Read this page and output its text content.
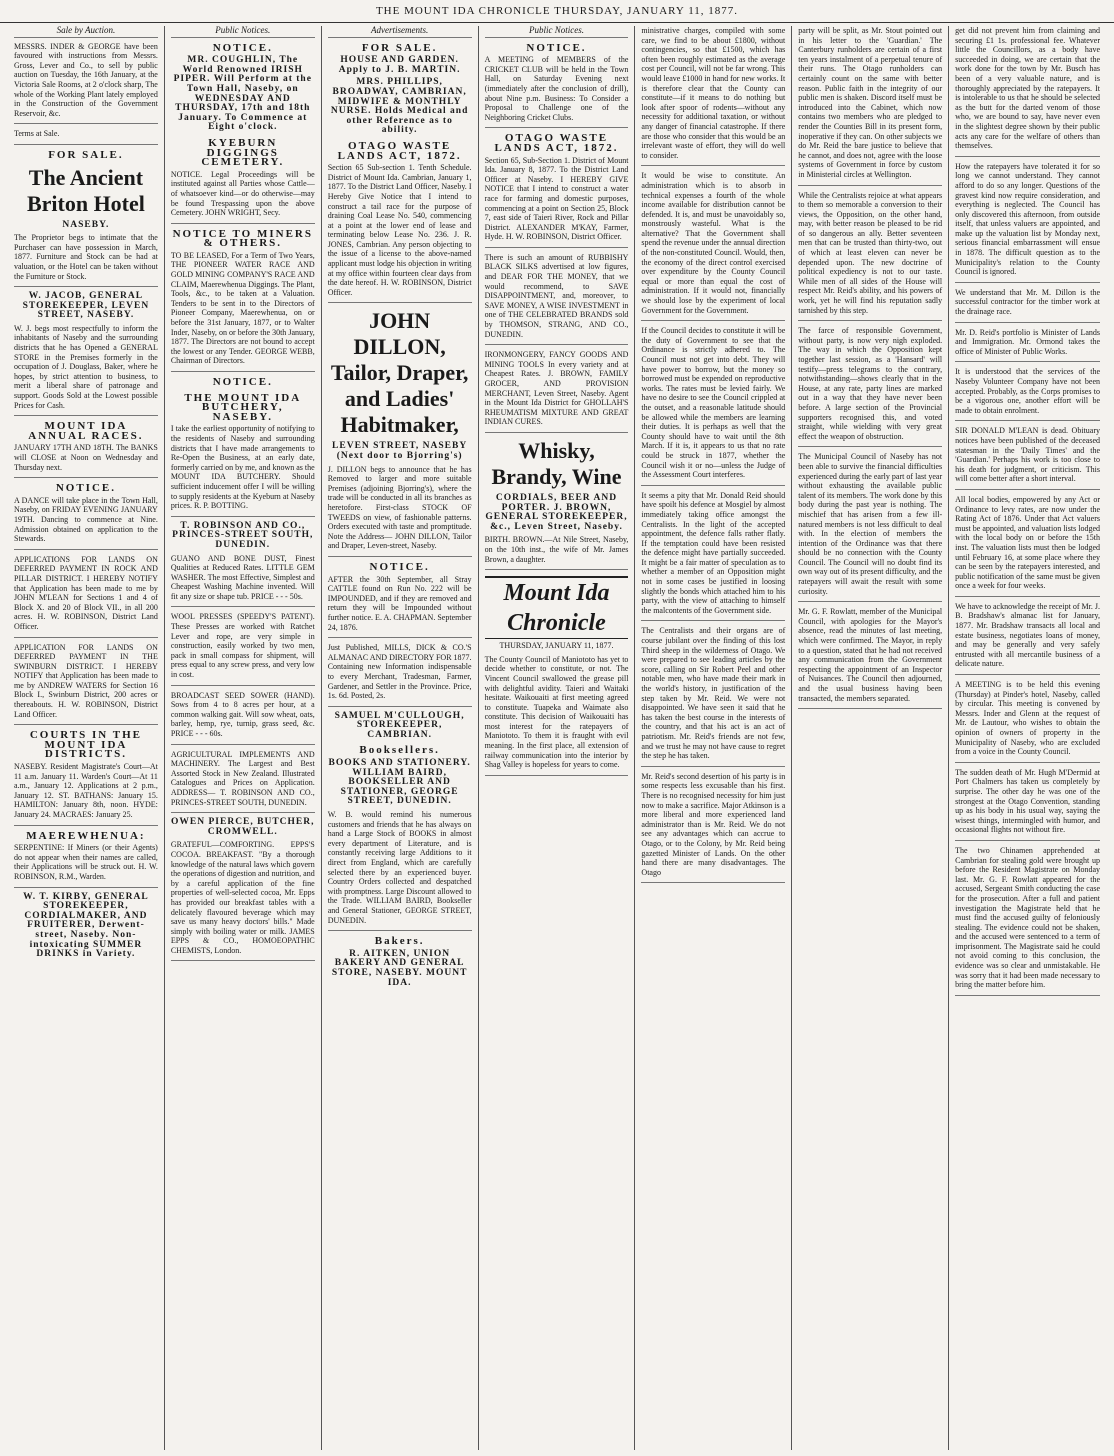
THE MOUNT IDA CHRONICLE THURSDAY, JANUARY 11, 1877.
Sale by Auction.

MESSRS. INDER & GEORGE have been favoured with instructions from Messrs. Gross, Lever and Co., to sell by public auction on Tuesday, the 16th January, at the Victoria Sale Rooms, at 2 o'clock sharp, The whole of the Working Plant lately employed in the Construction of the Government Reservoir, &c.

Terms at Sale.

FOR SALE.
The Ancient Briton Hotel
NASEBY.

The Proprietor begs to intimate that the Purchaser can have possession in March, 1877. Furniture and Stock can be had at valuation, or the Hotel can be taken without the Furniture or Stock.

W. JACOB, GENERAL STOREKEEPER, LEVEN STREET, NASEBY.

W. J. begs most respectfully to inform the inhabitants of Naseby and the surrounding districts that he has Opened a GENERAL STORE in the Premises formerly in the occupation of J. Douglass, Baker, where he hopes, by strict attention to business, to merit a liberal share of patronage and support. Goods Sold at the Lowest possible Prices for Cash.

MOUNT IDA ANNUAL RACES.

JANUARY 17TH AND 18TH. The BANKS will CLOSE at Noon on Wednesday and Thursday next.

NOTICE.

A DANCE will take place in the Town Hall, Naseby, on FRIDAY EVENING JANUARY 19TH. Dancing to commence at Nine. Admission obtained on application to the Stewards.

APPLICATIONS FOR LANDS ON DEFERRED PAYMENT IN ROCK AND PILLAR DISTRICT. I HEREBY NOTIFY that Application has been made to me by JOHN M'LEAN for Sections 1 and 4 of Block X. and 20 of Block VII., in all 200 acres. H. W. ROBINSON, District Land Officer.

APPLICATION FOR LANDS ON DEFERRED PAYMENT IN THE SWINBURN DISTRICT. I HEREBY NOTIFY that Application has been made to me by ANDREW WATERS for Section 16 Block I., Swinburn District, 200 acres or thereabouts. H. W. ROBINSON, District Land Officer.

COURTS IN THE MOUNT IDA DISTRICTS.

NASEBY. Resident Magistrate's Court—At 11 a.m. January 11. Warden's Court—At 11 a.m., January 12. Applications at 2 p.m., January 12. ST. BATHANS: January 15. HAMILTON: January 8th, noon. HYDE: January 24. MACRAES: January 25.

MAEREWHENUA:

SERPENTINE: If Miners (or their Agents) do not appear when their names are called, their Applications will be struck out. H. W. ROBINSON, R.M., Warden.

W. T. KIRBY, GENERAL STOREKEEPER, CORDIALMAKER, AND FRUITERER, Derwent-street, Naseby. Non-intoxicating SUMMER DRINKS in Variety.
Public Notices.
NOTICE.
MR. COUGHLIN, The World Renowned IRISH PIPER. Will Perform at the Town Hall, Naseby, on WEDNESDAY AND THURSDAY, 17th and 18th January. To Commence at Eight o'clock.
KYEBURN DIGGINGS CEMETERY.

NOTICE. Legal Proceedings will be instituted against all Parties whose Cattle—of whatsoever kind—or do otherwise—may be found Trespassing upon the above Cemetery. JOHN WRIGHT, Secy.

NOTICE TO MINERS & OTHERS.

TO BE LEASED, For a Term of Two Years, THE PIONEER WATER RACE AND GOLD MINING COMPANY'S RACE AND CLAIM, Maerewhenua Diggings. The Plant, Tools, &c., to be taken at a Valuation. Tenders to be sent in to the Directors of Pioneer Company, Maerewhenua, on or before the 31st January, 1877, or to Walter Inder, Naseby, on or before the 30th January, 1877. The Directors are not bound to accept the lowest or any Tender. GEORGE WEBB, Chairman of Directors.

NOTICE.
THE MOUNT IDA BUTCHERY, NASEBY.

I take the earliest opportunity of notifying to the residents of Naseby and surrounding districts that I have made arrangements to Re-Open the Business, at an early date, formerly carried on by me, and known as the MOUNT IDA BUTCHERY. Should sufficient inducement offer I will be willing to supply residents at the Kyeburn at Naseby prices. R. P. BOTTING.

T. ROBINSON AND CO., PRINCES-STREET SOUTH, DUNEDIN.

GUANO AND BONE DUST, Finest Qualities at Reduced Rates. LITTLE GEM WASHER. The most Effective, Simplest and Cheapest Washing Machine invented. Will fit any size or shape tub. PRICE - - - 50s.

WOOL PRESSES (SPEEDY'S PATENT). These Presses are worked with Ratchet Lever and rope, are very simple in construction, easily worked by two men, pack in small compass for shipment, will press equal to any screw press, and very low in cost.

BROADCAST SEED SOWER (HAND). Sows from 4 to 8 acres per hour, at a common walking gait. Will sow wheat, oats, barley, hemp, rye, turnip, grass seed, &c. PRICE - - - 60s.

AGRICULTURAL IMPLEMENTS AND MACHINERY. The Largest and Best Assorted Stock in New Zealand. Illustrated Catalogues and Prices on Application. ADDRESS— T. ROBINSON AND CO., PRINCES-STREET SOUTH, DUNEDIN.

OWEN PIERCE, BUTCHER, CROMWELL.

GRATEFUL—COMFORTING. EPPS'S COCOA. BREAKFAST. "By a thorough knowledge of the natural laws which govern the operations of digestion and nutrition, and by a careful application of the fine properties of well-selected cocoa, Mr. Epps has provided our breakfast tables with a delicately flavoured beverage which may save us many heavy doctors' bills." Made simply with boiling water or milk. JAMES EPPS & CO., HOMOEOPATHIC CHEMISTS, London.

Advertisements.
FOR SALE.
HOUSE AND GARDEN. Apply to J. B. MARTIN.
MRS. PHILLIPS, BROADWAY, CAMBRIAN, MIDWIFE & MONTHLY NURSE. Holds Medical and other Reference as to ability.
OTAGO WASTE LANDS ACT, 1872.

Section 65 Sub-section 1. Tenth Schedule. District of Mount Ida. Cambrian, January 1, 1877. To the District Land Officer, Naseby. I Hereby Give Notice that I intend to construct a tail race for the purpose of draining Coal Lease No. 540, commencing at a point at the lower end of lease and terminating below Lease No. 236. J. R. JONES, Cambrian. Any person objecting to the issue of a license to the above-named applicant must lodge his objection in writing at my office within fourteen clear days from the date hereof. H. W. ROBINSON, District Officer.

JOHN DILLON, Tailor, Draper, and Ladies' Habitmaker,
LEVEN STREET, NASEBY (Next door to Bjorring's)

J. DILLON begs to announce that he has Removed to larger and more suitable Premises (adjoining Bjorring's), where the trade will be conducted in all its branches as heretofore. First-class STOCK OF TWEEDS on view, of fashionable patterns. Orders executed with taste and promptitude. Note the Address— JOHN DILLON, Tailor and Draper, Leven-street, Naseby.

NOTICE.

AFTER the 30th September, all Stray CATTLE found on Run No. 222 will be IMPOUNDED, and if they are removed and return they will be Impounded without further notice. E. A. CHAPMAN. September 24, 1876.

Just Published, MILLS, DICK & CO.'S ALMANAC AND DIRECTORY FOR 1877. Containing new Information indispensable to every Merchant, Tradesman, Farmer, Gardener, and Settler in the Province. Price, 1s. 6d. Posted, 2s.

SAMUEL M'CULLOUGH, STOREKEEPER, CAMBRIAN.
Booksellers.
BOOKS AND STATIONERY. WILLIAM BAIRD, BOOKSELLER AND STATIONER, GEORGE STREET, DUNEDIN.

W. B. would remind his numerous customers and friends that he has always on hand a Large Stock of BOOKS in almost every department of Literature, and is constantly receiving large Additions to it direct from England, which are carefully selected there by an experienced buyer. Country Orders collected and despatched with promptness. Large Discount allowed to the Trade. WILLIAM BAIRD, Bookseller and General Stationer, GEORGE STREET, DUNEDIN.

Bakers.
R. AITKEN, UNION BAKERY AND GENERAL STORE, NASEBY. MOUNT IDA.
Public Notices.
NOTICE.

A MEETING of MEMBERS of the CRICKET CLUB will be held in the Town Hall, on Saturday Evening next (immediately after the conclusion of drill), about Nine p.m. Business: To Consider a Proposal to Challenge one of the Neighboring Cricket Clubs.

OTAGO WASTE LANDS ACT, 1872.

Section 65, Sub-Section 1. District of Mount Ida. January 8, 1877. To the District Land Officer at Naseby. I HEREBY GIVE NOTICE that I intend to construct a water race for farming and domestic purposes, commencing at a point on Section 25, Block 7, east side of Taieri River, Rock and Pillar District. ALEXANDER M'KAY, Farmer, Hyde. H. W. ROBINSON, District Officer.

There is such an amount of RUBBISHY BLACK SILKS advertised at low figures, and DEAR FOR THE MONEY, that we would recommend, to SAVE DISAPPOINTMENT, and, moreover, to SAVE MONEY, A WISE INVESTMENT in one of THE CELEBRATED BRANDS sold by THOMSON, STRANG, AND CO., DUNEDIN.

IRONMONGERY, FANCY GOODS AND MINING TOOLS In every variety and at Cheapest Rates. J. BROWN, FAMILY GROCER, AND PROVISION MERCHANT, Leven Street, Naseby. Agent in the Mount Ida District for GHOLLAH'S RHEUMATISM MIXTURE AND GREAT INDIAN CURES.

Whisky, Brandy, Wine
CORDIALS, BEER AND PORTER. J. BROWN, GENERAL STOREKEEPER, &c., Leven Street, Naseby.

BIRTH. BROWN.—At Nile Street, Naseby, on the 10th inst., the wife of Mr. James Brown, a daughter.

Mount Ida Chronicle
THURSDAY, JANUARY 11, 1877.

The County Council of Maniototo has yet to decide whether to constitute, or not. The Vincent Council swallowed the grease pill with delightful avidity. Taieri and Waitaki hesitate. Waikouaiti at first meeting agreed to constitute. Tuapeka and Waimate also constitute. This decision of Waikouaiti has most interest for the ratepayers of Maniototo. To them it is fraught with evil meaning. In the first place, all extension of railway communication into the interior by Shag Valley is hopeless for years to come.

ministrative charges, compiled with some care, we find to be about £1800, without contingencies, so that £1500, which has often been roughly estimated as the average cost per Council, will not be far wrong. This would leave £1000 in hand for new works. It is therefore clear that the County can constitute—if it means to do nothing but look after spoor of rodents—without any necessity for additional taxation, or without any danger of financial catastrophe. If there are those who consider that this would be an irrelevant waste of effort, they will do well to consider.

It would be wise to constitute. An administration which is to absorb in technical expenses a fourth of the whole income available for distribution cannot be defended. It is, and must be unavoidably so, monstrously wasteful. What is the alternative? That the Government shall spend the revenue under the annual direction of the non-constituted Council. Would, then, the economy of the direct control exercised over expenditure by the County Council equal or more than equal the cost of administration. If it would not, financially we should lose by the experiment of local Government for the Government.

If the Council decides to constitute it will be the duty of Government to see that the Ordinance is strictly adhered to. The Council must not get into debt. They will have power to borrow, but the money so borrowed must be expended on reproductive works. The rates must be levied fairly. We have no desire to see the Council crippled at the outset, and a reasonable latitude should be allowed while the members are learning their duties. It is perhaps as well that the County should have to wait until the 8th March. If it is, it appears to us that no rate could be struck in 1877, whether the Council wish it or no—unless the Judge of the Assessment Court interferes.

It seems a pity that Mr. Donald Reid should have spoilt his defence at Mosgiel by almost immediately taking office amongst the Centralists. In the light of the accepted appointment, the defence falls rather flatly. If the temptation could have been resisted the defence might have partially succeeded. It might be a fair matter of speculation as to whether a member of an Opposition might not in some cases be justified in loosing slightly the bonds which attached him to his party, with the view of attaching to himself the malcontents of the Government side.

The Centralists and their organs are of course jubilant over the finding of this lost Third sheep in the wilderness of Otago. We were prepared to see leading articles by the score, calling on Sir Robert Peel and other notable men, who have made their mark in the world's history, in justification of the step taken by Mr. Reid. We were not disappointed. We have seen it said that he has taken the best course in the interests of the country, and that his act is an act of patriotism. Mr. Reid's friends are not few, and we trust he may not have cause to regret the step he has taken.

Mr. Reid's second desertion of his party is in some respects less excusable than his first. There is no recognised necessity for him just now to make a sacrifice. Major Atkinson is a more liberal and more experienced land administrator than is Mr. Reid. We do not see any advantages which can accrue to Otago, or to the Colony, by Mr. Reid being gazetted Minister of Lands. On the other hand there are many disadvantages. The Otago

party will be split, as Mr. Stout pointed out in his letter to the 'Guardian.' The Canterbury runholders are certain of a first ten years instalment of a perpetual tenure of their runs. The Otago runholders can certainly count on the same with better reason. Public faith in the integrity of our public men is shaken. Discord itself must be introduced into the Cabinet, which now contains two members who are pledged to render the Counties Bill in its present form, inoperative if they can. On other subjects we do Mr. Reid the bare justice to believe that he cannot, and does not, agree with the loose systems of Government in force by custom in Ministerial circles at Wellington.

While the Centralists rejoice at what appears to them so memorable a conversion to their views, the Opposition, on the other hand, may, with better reason be pleased to be rid of so dangerous an ally. Better seventeen men that can be trusted than thirty-two, out of which at least eleven can never be depended upon. The new doctrine of political expediency is not to our taste. While men of all sides of the House will respect Mr. Reid's ability, and his powers of work, yet he will find his reputation sadly tarnished by this step.

The farce of responsible Government, without party, is now very nigh exploded. The way in which the Opposition kept together last session, as a 'Hansard' will testify—press telegrams to the contrary, notwithstanding—shows clearly that in the House, at any rate, party lines are marked out in a way that they have never been before. A large section of the Provincial supporters recognised this, and voted straight, while wielding with very great effect the weapon of obstruction.

The Municipal Council of Naseby has not been able to survive the financial difficulties experienced during the early part of last year without exhausting the available public talent of its members. The work done by this body during the past year is nothing. The mischief that has arisen from a few ill-natured members is not less difficult to deal with. In the election of members the intention of the Ordinance was that there should be no connection with the County Council. The Council will no doubt find its own way out of its present difficulty, and the ratepayers will await the result with some curiosity.

Mr. G. F. Rowlatt, member of the Municipal Council, with apologies for the Mayor's absence, read the minutes of last meeting, which were confirmed. The Mayor, in reply to a question, stated that he had not received any communication from the Government respecting the appointment of an Inspector of Nuisances. The Council then adjourned, and the usual business having been transacted, the members separated.

get did not prevent him from claiming and securing £1 1s. professional fee. Whatever little the Councillors, as a body have succeeded in doing, we are certain that the work done for the town by Mr. Busch has been of a very valuable nature, and is thoroughly appreciated by the ratepayers. It is intolerable to us that he should be selected as the butt for the darted venom of those who, we are bound to say, have never even in the slightest degree shown by their public acts any care for the welfare of others than themselves.

How the ratepayers have tolerated it for so long we cannot understand. They cannot afford to do so any longer. Questions of the gravest kind now require consideration, and everything is neglected. The Council has only discovered this afternoon, from outside itself, that unless valuers are appointed, and make up the valuation list by Monday next, serious financial embarrassment will ensue in 1878. The difficult question as to the Municipality's relation to the County Council is ignored.

We understand that Mr. M. Dillon is the successful contractor for the timber work at the drainage race.

Mr. D. Reid's portfolio is Minister of Lands and Immigration. Mr. Ormond takes the office of Minister of Public Works.

It is understood that the services of the Naseby Volunteer Company have not been accepted. Probably, as the Corps promises to be a vigorous one, another effort will be made to obtain enrolment.

SIR DONALD M'LEAN is dead. Obituary notices have been published of the deceased statesman in the 'Daily Times' and the 'Guardian.' Perhaps his work is too close to his death for judgment, or criticism. This will come better after a short interval.

All local bodies, empowered by any Act or Ordinance to levy rates, are now under the Rating Act of 1876. Under that Act valuers must be appointed, and valuation lists lodged with the local body on or before the 15th inst. The valuation lists must then be lodged until February 16, at some place where they can be seen by the ratepayers interested, and public notification of the same must be given once a week for four weeks.

We have to acknowledge the receipt of Mr. J. B. Bradshaw's almanac list for January, 1877. Mr. Bradshaw transacts all local and estate business, negotiates loans of money, and may be generally and very safely entrusted with all mercantile business of a delicate nature.

A MEETING is to be held this evening (Thursday) at Pinder's hotel, Naseby, called by circular. This meeting is convened by Messrs. Inder and Glenn at the request of Mr. de Lautour, who wishes to obtain the opinion of owners of property in the Municipality of Naseby, who are excluded from a voice in the County Council.

The sudden death of Mr. Hugh M'Dermid at Port Chalmers has taken us completely by surprise. The other day he was one of the strongest at the Otago Convention, standing up as his body in his usual way, saying the wisest things, intermingled with humor, and occasional flights not without fire.

The two Chinamen apprehended at Cambrian for stealing gold were brought up before the Resident Magistrate on Monday last. Mr. G. F. Rowlatt appeared for the accused, Sergeant Smith conducting the case for the prosecution. After a full and patient investigation the Magistrate held that he must find the accused guilty of feloniously stealing. The evidence could not be shaken, and the accused were sentenced to a term of imprisonment. The Magistrate said he could not avoid coming to this conclusion, the evidence was so clear and unmistakable. He was sorry that it had been made necessary to bring the matter before him.
